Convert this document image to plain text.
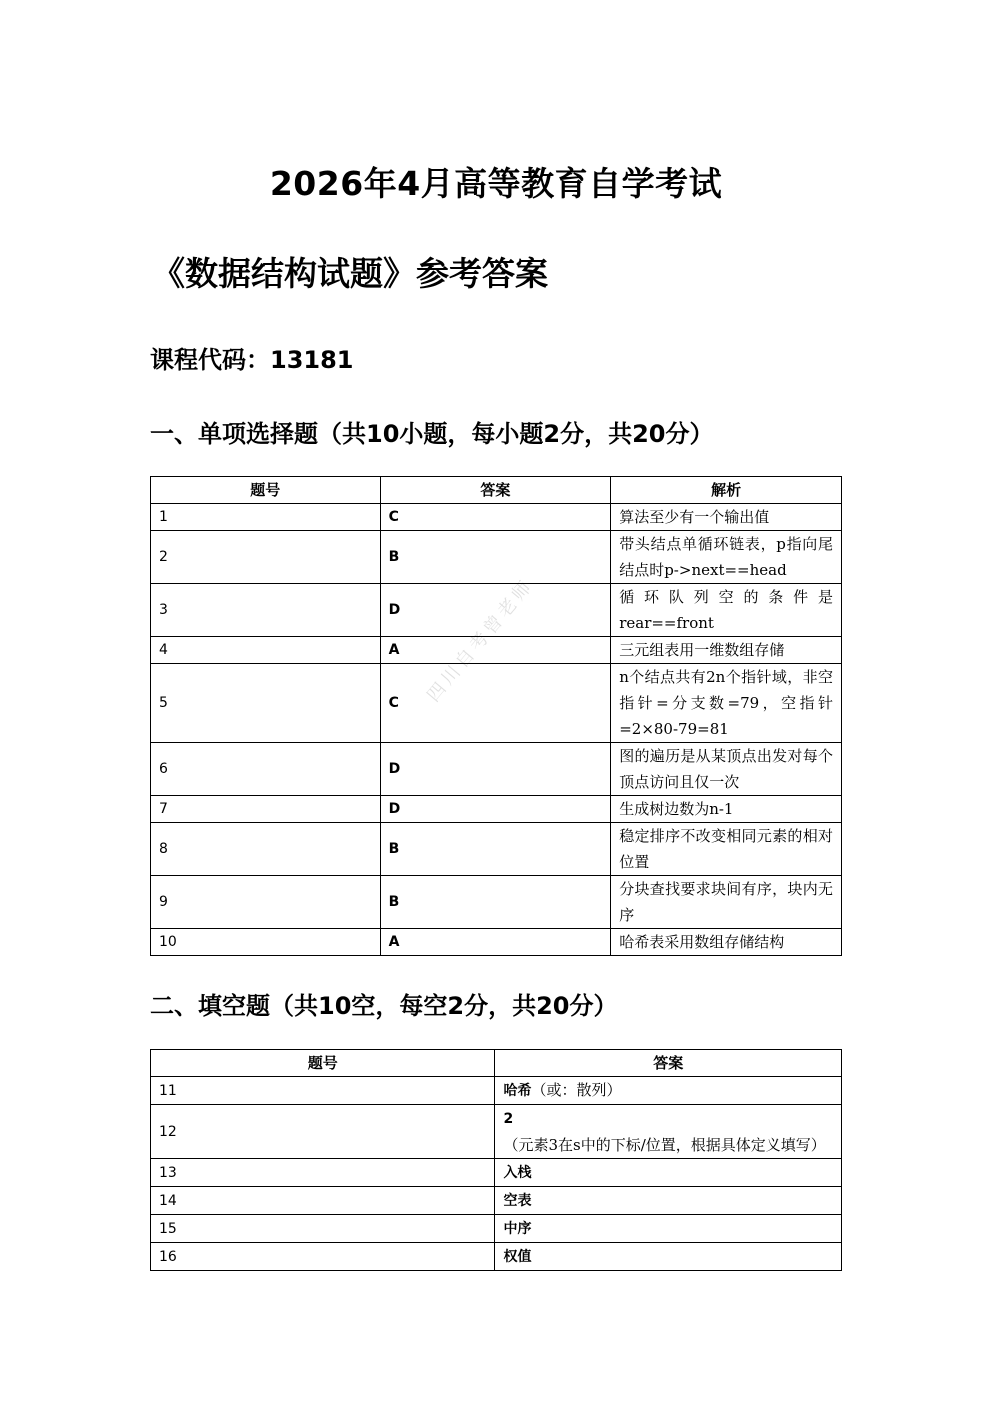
2026年4月高等教育自学考试
《数据结构试题》参考答案
课程代码：13181
一、单项选择题（共10小题，每小题2分，共20分）
题号	答案	解析
1	C	算法至少有一个输出值
2	B	带头结点单循环链表，p指向尾结点时p->next==head
3	D	循环队列空的条件是rear==front
4	A	三元组表用一维数组存储
5	C	n个结点共有2n个指针域，非空指针=分支数=79，空指针=2×80-79=81
6	D	图的遍历是从某顶点出发对每个顶点访问且仅一次
7	D	生成树边数为n-1
8	B	稳定排序不改变相同元素的相对位置
9	B	分块查找要求块间有序，块内无序
10	A	哈希表采用数组存储结构
二、填空题（共10空，每空2分，共20分）
题号	答案
11	哈希（或：散列）
12	2（元素3在s中的下标/位置，根据具体定义填写）
13	入栈
14	空表
15	中序
16	权值
四川自考曾老师
